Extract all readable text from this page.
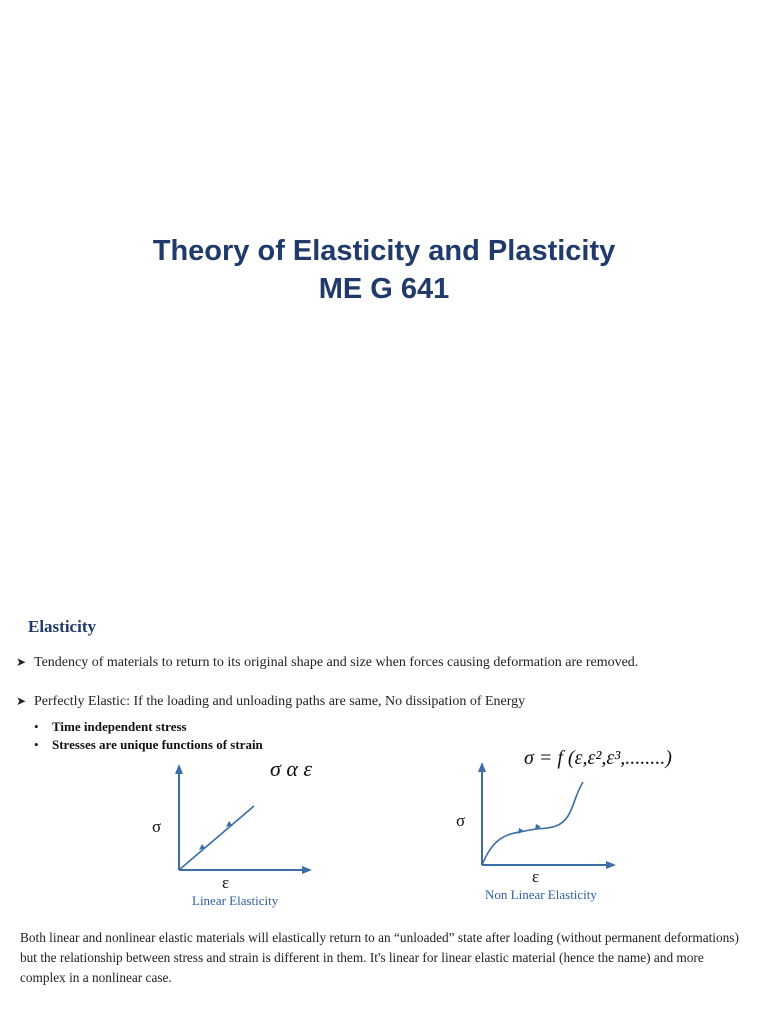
Theory of Elasticity and Plasticity
ME G 641
Elasticity
➤ Tendency of materials to return to its original shape and size when forces causing deformation are removed.
➤ Perfectly Elastic: If the loading and unloading paths are same, No dissipation of Energy
• Time independent stress
• Stresses are unique functions of strain
σ α ε
σ
ε
Linear Elasticity
σ = f (ε,ε²,ε³,........)
σ
ε
Non Linear Elasticity
Both linear and nonlinear elastic materials will elastically return to an “unloaded” state after loading (without permanent deformations) but the relationship between stress and strain is different in them. It's linear for linear elastic material (hence the name) and more complex in a nonlinear case.
